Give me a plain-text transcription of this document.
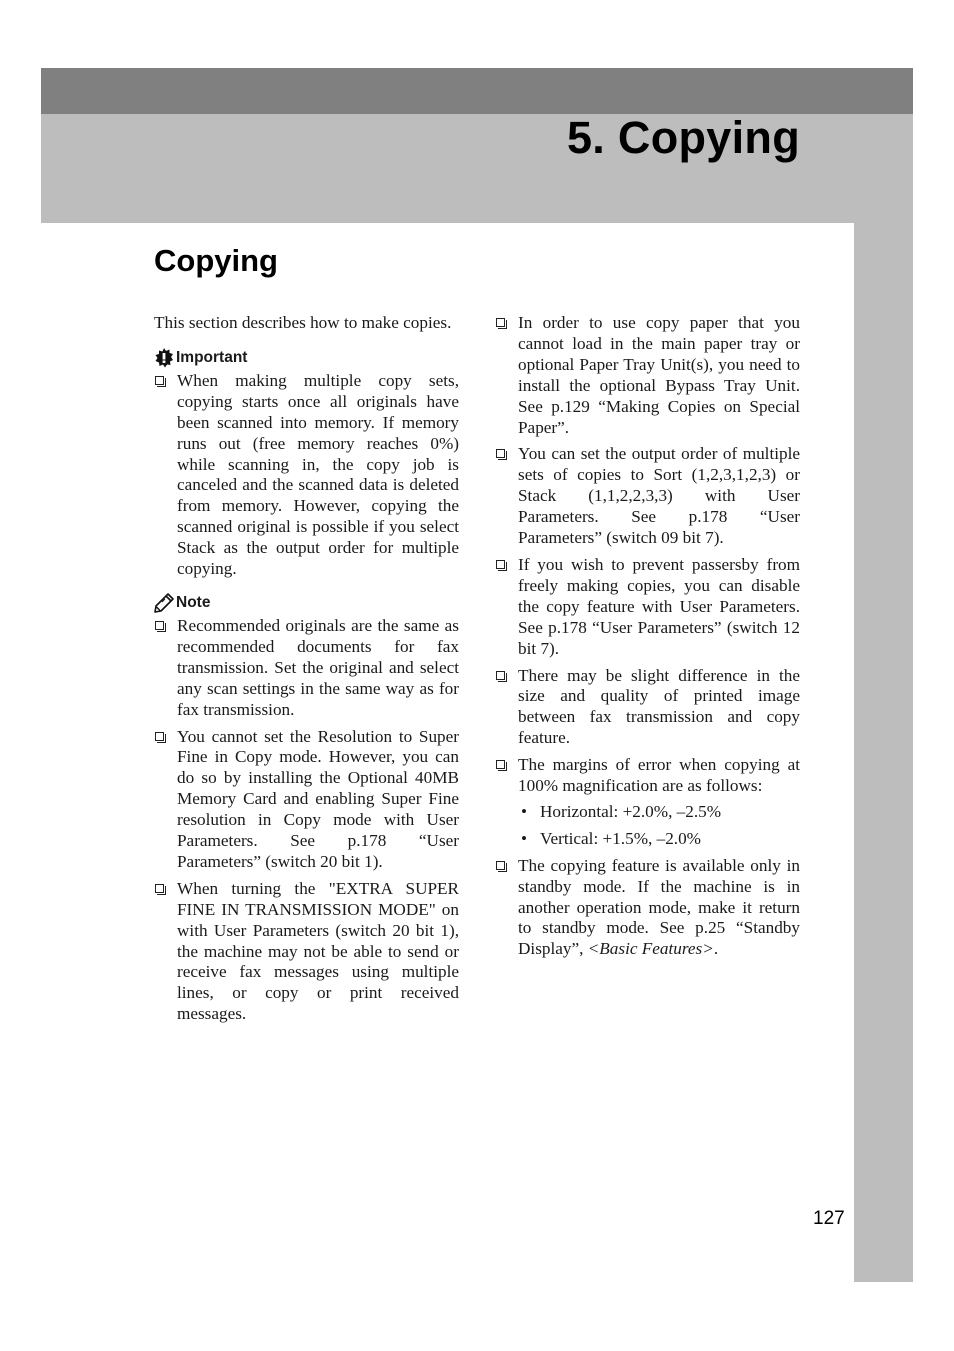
5. Copying
Copying

This section describes how to make copies.

Important
When making multiple copy sets, copying starts once all originals have been scanned into memory. If memory runs out (free memory reaches 0%) while scanning in, the copy job is canceled and the scanned data is deleted from memory. However, copying the scanned original is possible if you select Stack as the output order for multiple copying.
Note
Recommended originals are the same as recommended documents for fax transmission. Set the original and select any scan settings in the same way as for fax transmission.
You cannot set the Resolution to Super Fine in Copy mode. However, you can do so by installing the Optional 40MB Memory Card and enabling Super Fine resolution in Copy mode with User Parameters. See p.178 “User Parameters” (switch 20 bit 1).
When turning the "EXTRA SUPER FINE IN TRANSMISSION MODE" on with User Parameters (switch 20 bit 1), the machine may not be able to send or receive fax messages using multiple lines, or copy or print received messages.
In order to use copy paper that you cannot load in the main paper tray or optional Paper Tray Unit(s), you need to install the optional Bypass Tray Unit. See p.129 “Making Copies on Special Paper”.
You can set the output order of multiple sets of copies to Sort (1,2,3,1,2,3) or Stack (1,1,2,2,3,3) with User Parameters. See p.178 “User Parameters” (switch 09 bit 7).
If you wish to prevent passersby from freely making copies, you can disable the copy feature with User Parameters. See p.178 “User Parameters” (switch 12 bit 7).
There may be slight difference in the size and quality of printed image between fax transmission and copy feature.
The margins of error when copying at 100% magnification are as follows:
• Horizontal: +2.0%, –2.5%
• Vertical: +1.5%, –2.0%
The copying feature is available only in standby mode. If the machine is in another operation mode, make it return to standby mode. See p.25 “Standby Display”, <Basic Features>.
127
